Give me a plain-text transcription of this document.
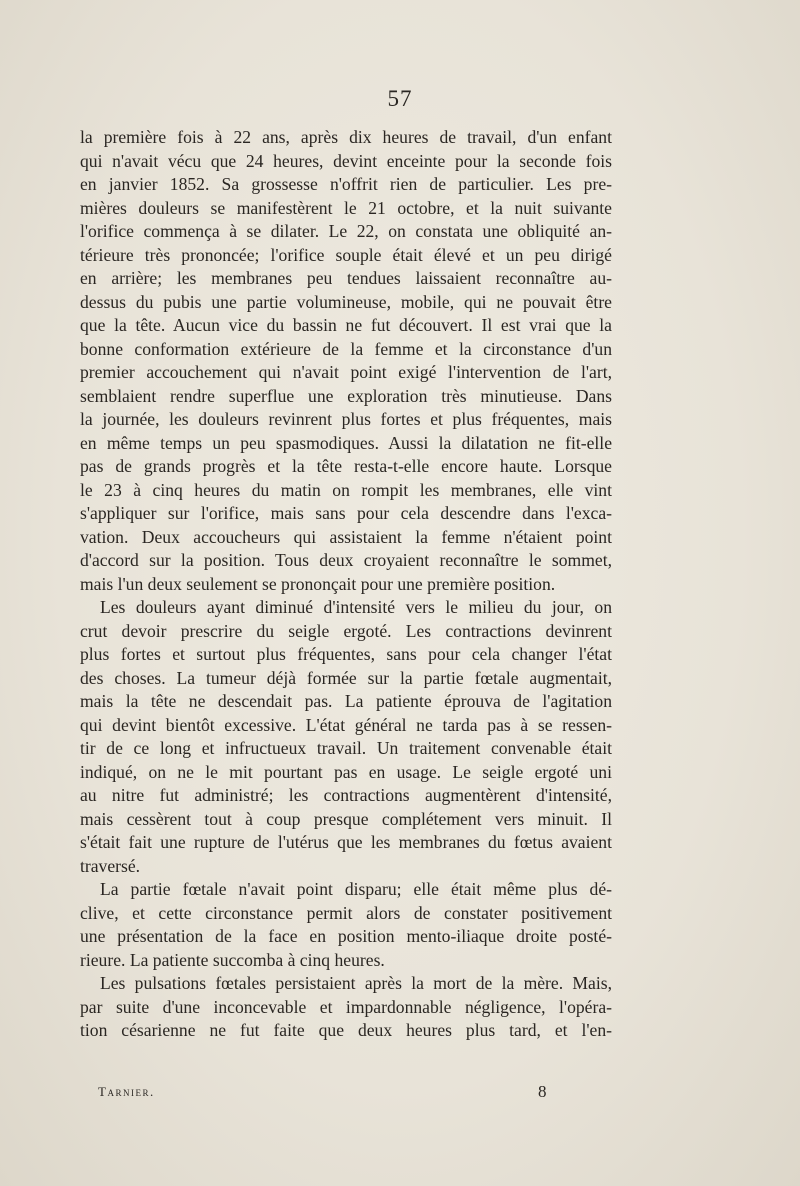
57

la première fois à 22 ans, après dix heures de travail, d'un enfant
qui n'avait vécu que 24 heures, devint enceinte pour la seconde fois
en janvier 1852. Sa grossesse n'offrit rien de particulier. Les pre-
mières douleurs se manifestèrent le 21 octobre, et la nuit suivante
l'orifice commença à se dilater. Le 22, on constata une obliquité an-
térieure très prononcée; l'orifice souple était élevé et un peu dirigé
en arrière; les membranes peu tendues laissaient reconnaître au-
dessus du pubis une partie volumineuse, mobile, qui ne pouvait être
que la tête. Aucun vice du bassin ne fut découvert. Il est vrai que la
bonne conformation extérieure de la femme et la circonstance d'un
premier accouchement qui n'avait point exigé l'intervention de l'art,
semblaient rendre superflue une exploration très minutieuse. Dans
la journée, les douleurs revinrent plus fortes et plus fréquentes, mais
en même temps un peu spasmodiques. Aussi la dilatation ne fit-elle
pas de grands progrès et la tête resta-t-elle encore haute. Lorsque
le 23 à cinq heures du matin on rompit les membranes, elle vint
s'appliquer sur l'orifice, mais sans pour cela descendre dans l'exca-
vation. Deux accoucheurs qui assistaient la femme n'étaient point
d'accord sur la position. Tous deux croyaient reconnaître le sommet,
mais l'un deux seulement se prononçait pour une première position.

Les douleurs ayant diminué d'intensité vers le milieu du jour, on
crut devoir prescrire du seigle ergoté. Les contractions devinrent
plus fortes et surtout plus fréquentes, sans pour cela changer l'état
des choses. La tumeur déjà formée sur la partie fœtale augmentait,
mais la tête ne descendait pas. La patiente éprouva de l'agitation
qui devint bientôt excessive. L'état général ne tarda pas à se ressen-
tir de ce long et infructueux travail. Un traitement convenable était
indiqué, on ne le mit pourtant pas en usage. Le seigle ergoté uni
au nitre fut administré; les contractions augmentèrent d'intensité,
mais cessèrent tout à coup presque complétement vers minuit. Il
s'était fait une rupture de l'utérus que les membranes du fœtus avaient
traversé.

La partie fœtale n'avait point disparu; elle était même plus dé-
clive, et cette circonstance permit alors de constater positivement
une présentation de la face en position mento-iliaque droite posté-
rieure. La patiente succomba à cinq heures.

Les pulsations fœtales persistaient après la mort de la mère. Mais,
par suite d'une inconcevable et impardonnable négligence, l'opéra-
tion césarienne ne fut faite que deux heures plus tard, et l'en-

Tarnier.	8
